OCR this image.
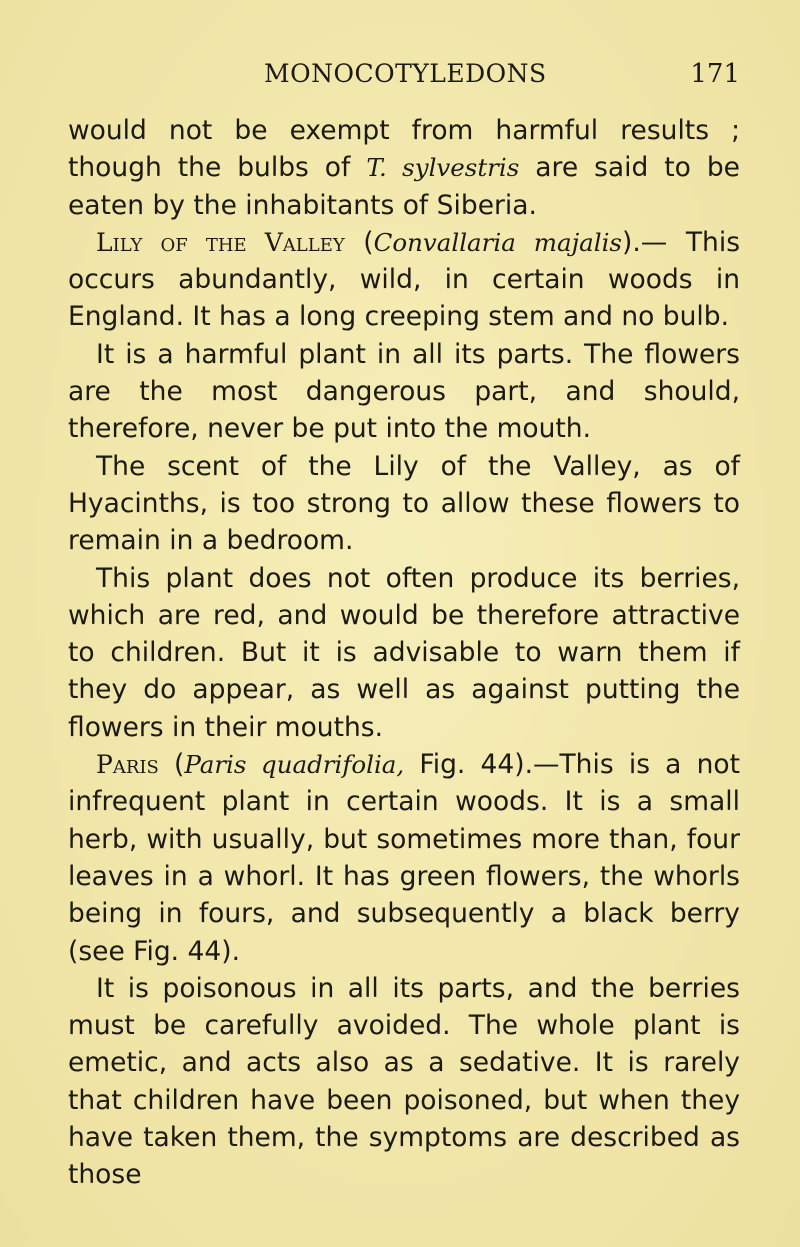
MONOCOTYLEDONS	171

would not be exempt from harmful results ; though the bulbs of T. sylvestris are said to be eaten by the inhabitants of Siberia.

Lily of the Valley (Convallaria majalis).— This occurs abundantly, wild, in certain woods in England. It has a long creeping stem and no bulb.

It is a harmful plant in all its parts. The flowers are the most dangerous part, and should, therefore, never be put into the mouth.

The scent of the Lily of the Valley, as of Hyacinths, is too strong to allow these flowers to remain in a bedroom.

This plant does not often produce its berries, which are red, and would be therefore attractive to children. But it is advisable to warn them if they do appear, as well as against putting the flowers in their mouths.

Paris (Paris quadrifolia, Fig. 44).—This is a not infrequent plant in certain woods. It is a small herb, with usually, but sometimes more than, four leaves in a whorl. It has green flowers, the whorls being in fours, and subsequently a black berry (see Fig. 44).

It is poisonous in all its parts, and the berries must be carefully avoided. The whole plant is emetic, and acts also as a sedative. It is rarely that children have been poisoned, but when they have taken them, the symptoms are described as those
